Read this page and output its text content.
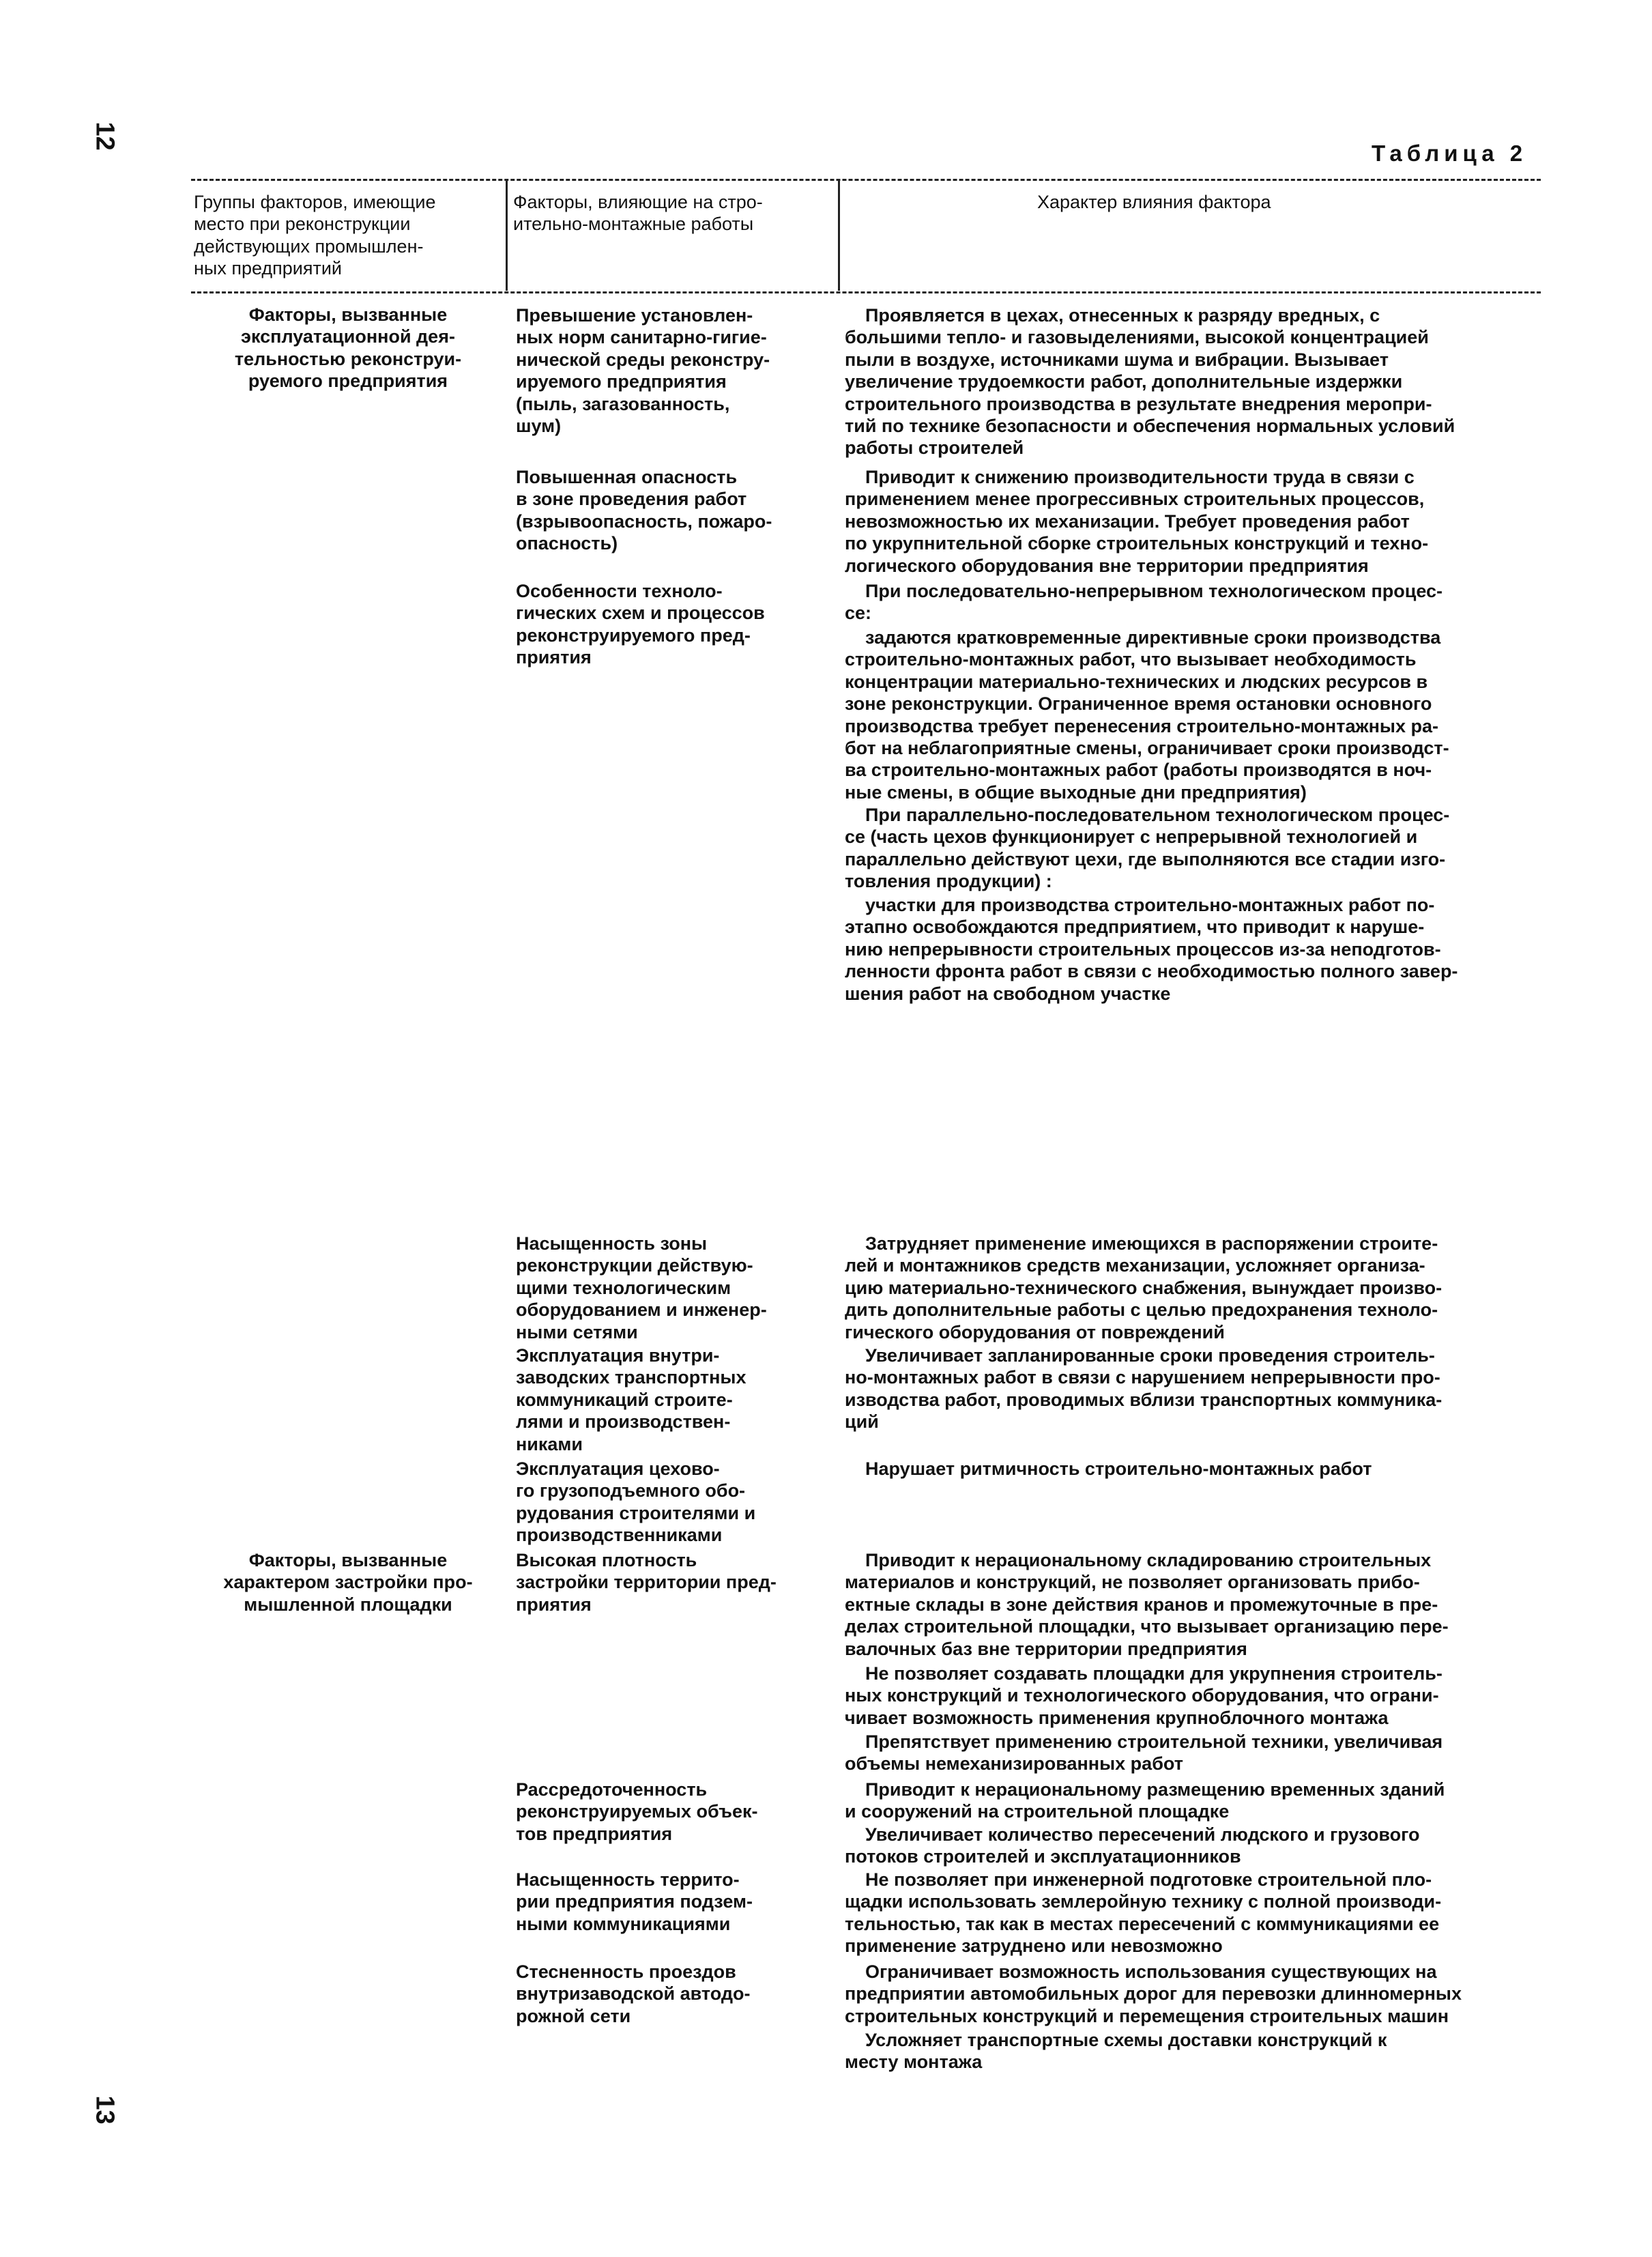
12
13
Таблица 2
Группы факторов, имеющие
место при реконструкции
действующих промышлен-
ных предприятий
Факторы, влияющие на стро-
ительно-монтажные работы
Характер влияния фактора
Факторы, вызванные
эксплуатационной дея-
тельностью реконструи-
руемого предприятия
Факторы, вызванные
характером застройки про-
мышленной площадки
Превышение установлен-
ных норм санитарно-гигие-
нической среды реконстру-
ируемого предприятия
(пыль, загазованность,
шум)
Повышенная опасность
в зоне проведения работ
(взрывоопасность, пожаро-
опасность)
Особенности техноло-
гических схем и процессов
реконструируемого пред-
приятия
Насыщенность зоны
реконструкции действую-
щими технологическим
оборудованием и инженер-
ными сетями
Эксплуатация внутри-
заводских транспортных
коммуникаций строите-
лями и производствен-
никами
Эксплуатация цехово-
го грузоподъемного обо-
рудования строителями и
производственниками
Высокая плотность
застройки территории пред-
приятия
Рассредоточенность
реконструируемых объек-
тов предприятия
Насыщенность террито-
рии предприятия подзем-
ными коммуникациями
Стесненность проездов
внутризаводской автодо-
рожной сети
Проявляется в цехах, отнесенных к разряду вредных, с
большими тепло- и газовыделениями, высокой концентрацией
пыли в воздухе, источниками шума и вибрации. Вызывает
увеличение трудоемкости работ, дополнительные издержки
строительного производства в результате внедрения меропри-
тий по технике безопасности и обеспечения нормальных условий
работы строителей
Приводит к снижению производительности труда в связи с
применением менее прогрессивных строительных процессов,
невозможностью их механизации. Требует проведения работ
по укрупнительной сборке строительных конструкций и техно-
логического оборудования вне территории предприятия
При последовательно-непрерывном технологическом процес-
се:
задаются кратковременные директивные сроки производства
строительно-монтажных работ, что вызывает необходимость
концентрации материально-технических и людских ресурсов в
зоне реконструкции. Ограниченное время остановки основного
производства требует перенесения строительно-монтажных ра-
бот на неблагоприятные смены, ограничивает сроки производст-
ва строительно-монтажных работ (работы производятся в ноч-
ные смены, в общие выходные дни предприятия)
При параллельно-последовательном технологическом процес-
се (часть цехов функционирует с непрерывной технологией и
параллельно действуют цехи, где выполняются все стадии изго-
товления продукции) :
участки для производства строительно-монтажных работ по-
этапно освобождаются предприятием, что приводит к наруше-
нию непрерывности строительных процессов из-за неподготов-
ленности фронта работ в связи с необходимостью полного завер-
шения работ на свободном участке
Затрудняет применение имеющихся в распоряжении строите-
лей и монтажников средств механизации, усложняет организа-
цию материально-технического снабжения, вынуждает произво-
дить дополнительные работы с целью предохранения техноло-
гического оборудования от повреждений
Увеличивает запланированные сроки проведения строитель-
но-монтажных работ в связи с нарушением непрерывности про-
изводства работ, проводимых вблизи транспортных коммуника-
ций
Нарушает ритмичность строительно-монтажных работ
Приводит к нерациональному складированию строительных
материалов и конструкций, не позволяет организовать прибо-
ектные склады в зоне действия кранов и промежуточные в пре-
делах строительной площадки, что вызывает организацию пере-
валочных баз вне территории предприятия
Не позволяет создавать площадки для укрупнения строитель-
ных конструкций и технологического оборудования, что ограни-
чивает возможность применения крупноблочного монтажа
Препятствует применению строительной техники, увеличивая
объемы немеханизированных работ
Приводит к нерациональному размещению временных зданий
и сооружений на строительной площадке
Увеличивает количество пересечений людского и грузового
потоков строителей и эксплуатационников
Не позволяет при инженерной подготовке строительной пло-
щадки использовать землеройную технику с полной производи-
тельностью, так как в местах пересечений с коммуникациями ее
применение затруднено или невозможно
Ограничивает возможность использования существующих на
предприятии автомобильных дорог для перевозки длинномерных
строительных конструкций и перемещения строительных машин
Усложняет транспортные схемы доставки конструкций к
месту монтажа
